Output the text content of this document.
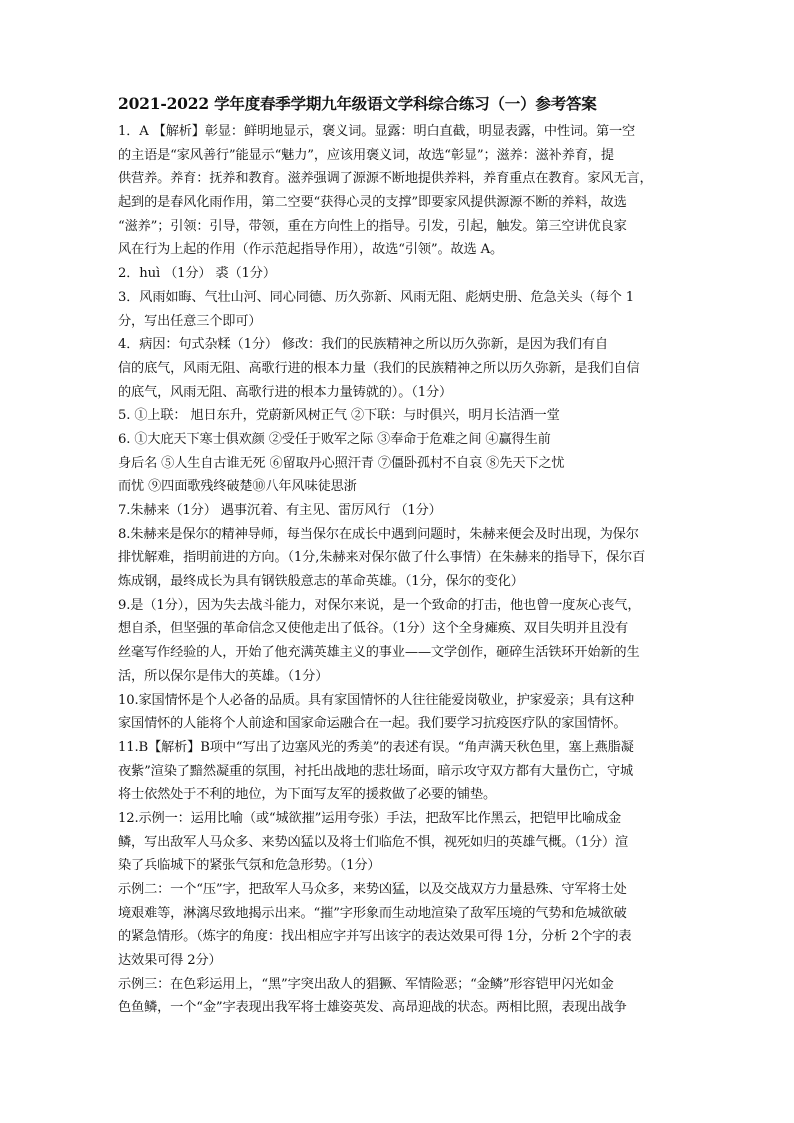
2021-2022 学年度春季学期九年级语文学科综合练习（一）参考答案
1．A 【解析】彰显：鲜明地显示，褒义词。显露：明白直截，明显表露，中性词。第一空
的主语是“家风善行”能显示“魅力”，应该用褒义词，故选“彰显”；滋养：滋补养育，提
供营养。养育：抚养和教育。滋养强调了源源不断地提供养料，养育重点在教育。家风无言，
起到的是春风化雨作用，第二空要“获得心灵的支撑”即要家风提供源源不断的养料，故选
“滋养”；引领：引导，带领，重在方向性上的指导。引发，引起，触发。第三空讲优良家
风在行为上起的作用（作示范起指导作用），故选“引领”。故选 A。
2．huì （1分） 裘（1分）
3．风雨如晦、气壮山河、同心同德、历久弥新、风雨无阻、彪炳史册、危急关头（每个 1
分，写出任意三个即可）
4．病因：句式杂糅（1分） 修改：我们的民族精神之所以历久弥新，是因为我们有自
信的底气，风雨无阻、高歌行进的根本力量（我们的民族精神之所以历久弥新，是我们自信
的底气，风雨无阻、高歌行进的根本力量铸就的）。（1分）
5. ①上联： 旭日东升，党蔚新风树正气 ②下联：与时俱兴，明月长洁酒一堂
6. ①大庇天下寒士俱欢颜 ②受任于败军之际 ③奉命于危难之间 ④赢得生前
身后名 ⑤人生自古谁无死 ⑥留取丹心照汗青 ⑦僵卧孤村不自哀 ⑧先天下之忧
而忧 ⑨四面歌残终破楚⑩八年风味徒思浙
7.朱赫来（1分） 遇事沉着、有主见、雷厉风行 （1分）
8.朱赫来是保尔的精神导师，每当保尔在成长中遇到问题时，朱赫来便会及时出现，为保尔
排忧解难，指明前进的方向。（1分,朱赫来对保尔做了什么事情）在朱赫来的指导下，保尔百
炼成钢，最终成长为具有钢铁般意志的革命英雄。（1分，保尔的变化）
9.是（1分），因为失去战斗能力，对保尔来说，是一个致命的打击，他也曾一度灰心丧气，
想自杀，但坚强的革命信念又使他走出了低谷。（1分）这个全身瘫痪、双目失明并且没有
丝毫写作经验的人，开始了他充满英雄主义的事业——文学创作，砸碎生活铁环开始新的生
活，所以保尔是伟大的英雄。（1分）
10.家国情怀是个人必备的品质。具有家国情怀的人往往能爱岗敬业，护家爱亲；具有这种
家国情怀的人能将个人前途和国家命运融合在一起。我们要学习抗疫医疗队的家国情怀。
11.B【解析】B项中“写出了边塞风光的秀美”的表述有误。“角声满天秋色里，塞上燕脂凝
夜紫”渲染了黯然凝重的氛围，衬托出战地的悲壮场面，暗示攻守双方都有大量伤亡，守城
将士依然处于不利的地位，为下面写友军的援救做了必要的铺垫。
12.示例一：运用比喻（或“城欲摧”运用夸张）手法，把敌军比作黑云，把铠甲比喻成金
鳞，写出敌军人马众多、来势凶猛以及将士们临危不惧，视死如归的英雄气概。（1分）渲
染了兵临城下的紧张气氛和危急形势。（1分）
示例二：一个“压”字，把敌军人马众多，来势凶猛，以及交战双方力量悬殊、守军将士处
境艰难等，淋漓尽致地揭示出来。“摧”字形象而生动地渲染了敌军压境的气势和危城欲破
的紧急情形。（炼字的角度：找出相应字并写出该字的表达效果可得 1分，分析 2个字的表
达效果可得 2分）
示例三：在色彩运用上，“黑”字突出敌人的猖獗、军情险恶；“金鳞”形容铠甲闪光如金
色鱼鳞，一个“金”字表现出我军将士雄姿英发、高昂迎战的状态。两相比照，表现出战争
